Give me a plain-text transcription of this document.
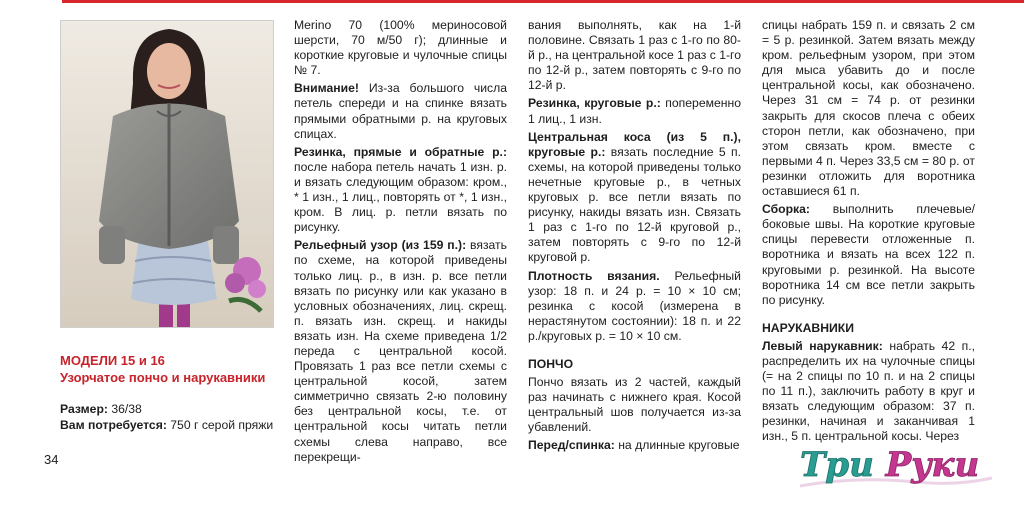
МОДЕЛИ 15 и 16
Узорчатое пончо и нарукавники
Размер: 36/38
Вам потребуется: 750 г серой пряжи

Merino 70 (100% мериносовой шерсти, 70 м/50 г); длинные и короткие круговые и чулочные спицы № 7.

Внимание! Из-за большого числа петель спереди и на спинке вязать прямыми обратными р. на круговых спицах.

Резинка, прямые и обратные р.: после набора петель начать 1 изн. р. и вязать следующим образом: кром., * 1 изн., 1 лиц., повторять от *, 1 изн., кром. В лиц. р. петли вязать по рисунку.

Рельефный узор (из 159 п.): вязать по схеме, на которой приведены только лиц. р., в изн. р. все петли вязать по рисунку или как указано в условных обозначениях, лиц. скрещ. п. вязать изн. скрещ. и накиды вязать изн. На схеме приведена 1/2 переда с центральной косой. Провязать 1 раз все петли схемы с центральной косой, затем симметрично связать 2-ю половину без центральной косы, т.е. от центральной косы читать петли схемы слева направо, все перекрещи-

вания выполнять, как на 1-й половине. Связать 1 раз с 1-го по 80-й р., на центральной косе 1 раз с 1-го по 12-й р., затем повторять с 9-го по 12-й р.

Резинка, круговые р.: попеременно 1 лиц., 1 изн.

Центральная коса (из 5 п.), круговые р.: вязать последние 5 п. схемы, на которой приведены только нечетные круговые р., в четных круговых р. все петли вязать по рисунку, накиды вязать изн. Связать 1 раз с 1-го по 12-й круговой р., затем повторять с 9-го по 12-й круговой р.

Плотность вязания. Рельефный узор: 18 п. и 24 р. = 10 × 10 см; резинка с косой (измерена в нерастянутом состоянии): 18 п. и 22 р./круговых р. = 10 × 10 см.

ПОНЧО

Пончо вязать из 2 частей, каждый раз начинать с нижнего края. Косой центральный шов получается из-за убавлений.

Перед/спинка: на длинные круговые

спицы набрать 159 п. и связать 2 см = 5 р. резинкой. Затем вязать между кром. рельефным узором, при этом для мыса убавить до и после центральной косы, как обозначено. Через 31 см = 74 р. от резинки закрыть для скосов плеча с обеих сторон петли, как обозначено, при этом связать кром. вместе с первыми 4 п. Через 33,5 см = 80 р. от резинки отложить для воротника оставшиеся 61 п.

Сборка: выполнить плечевые/боковые швы. На короткие круговые спицы перевести отложенные п. воротника и вязать на всех 122 п. круговыми р. резинкой. На высоте воротника 14 см все петли закрыть по рисунку.

НАРУКАВНИКИ

Левый нарукавник: набрать 42 п., распределить их на чулочные спицы (= на 2 спицы по 10 п. и на 2 спицы по 11 п.), заключить работу в круг и вязать следующим образом: 37 п. резинки, начиная и заканчивая 1 изн., 5 п. центральной косы. Через

34	Три Руки
